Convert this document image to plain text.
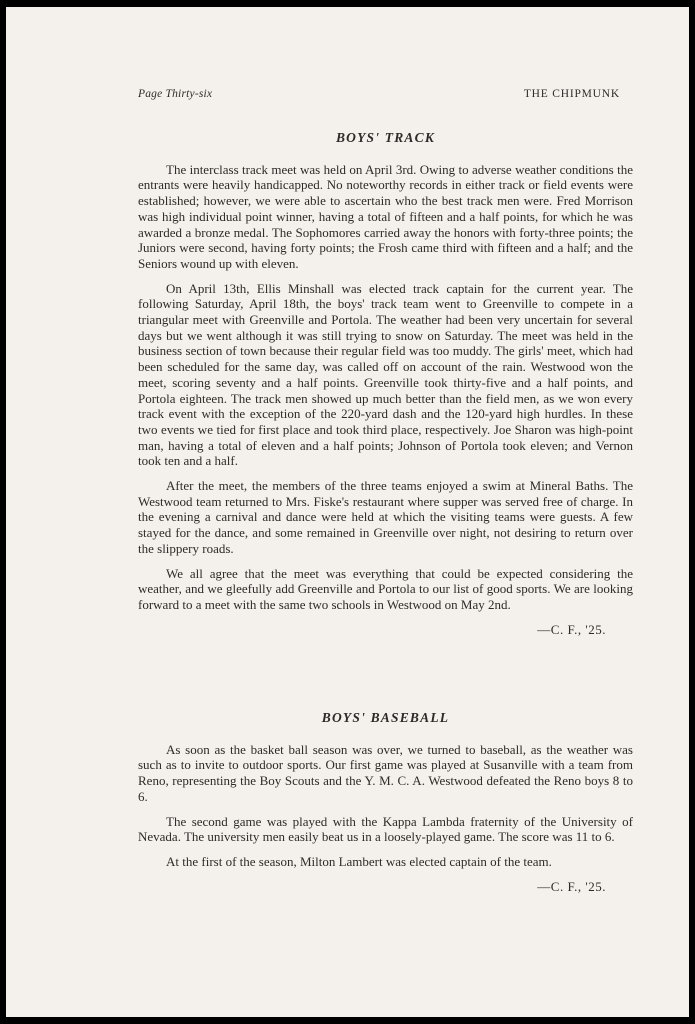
Page Thirty-six	THE CHIPMUNK
BOYS' TRACK

The interclass track meet was held on April 3rd. Owing to adverse weather conditions the entrants were heavily handicapped. No noteworthy records in either track or field events were established; however, we were able to ascertain who the best track men were. Fred Morrison was high individual point winner, having a total of fifteen and a half points, for which he was awarded a bronze medal. The Sophomores carried away the honors with forty-three points; the Juniors were second, having forty points; the Frosh came third with fifteen and a half; and the Seniors wound up with eleven.

On April 13th, Ellis Minshall was elected track captain for the current year. The following Saturday, April 18th, the boys' track team went to Greenville to compete in a triangular meet with Greenville and Portola. The weather had been very uncertain for several days but we went although it was still trying to snow on Saturday. The meet was held in the business section of town because their regular field was too muddy. The girls' meet, which had been scheduled for the same day, was called off on account of the rain. Westwood won the meet, scoring seventy and a half points. Greenville took thirty-five and a half points, and Portola eighteen. The track men showed up much better than the field men, as we won every track event with the exception of the 220-yard dash and the 120-yard high hurdles. In these two events we tied for first place and took third place, respectively. Joe Sharon was high-point man, having a total of eleven and a half points; Johnson of Portola took eleven; and Vernon took ten and a half.

After the meet, the members of the three teams enjoyed a swim at Mineral Baths. The Westwood team returned to Mrs. Fiske's restaurant where supper was served free of charge. In the evening a carnival and dance were held at which the visiting teams were guests. A few stayed for the dance, and some remained in Greenville over night, not desiring to return over the slippery roads.

We all agree that the meet was everything that could be expected considering the weather, and we gleefully add Greenville and Portola to our list of good sports. We are looking forward to a meet with the same two schools in Westwood on May 2nd.

—C. F., '25.
BOYS' BASEBALL

As soon as the basket ball season was over, we turned to baseball, as the weather was such as to invite to outdoor sports. Our first game was played at Susanville with a team from Reno, representing the Boy Scouts and the Y. M. C. A. Westwood defeated the Reno boys 8 to 6.

The second game was played with the Kappa Lambda fraternity of the University of Nevada. The university men easily beat us in a loosely-played game. The score was 11 to 6.

At the first of the season, Milton Lambert was elected captain of the team.

—C. F., '25.
